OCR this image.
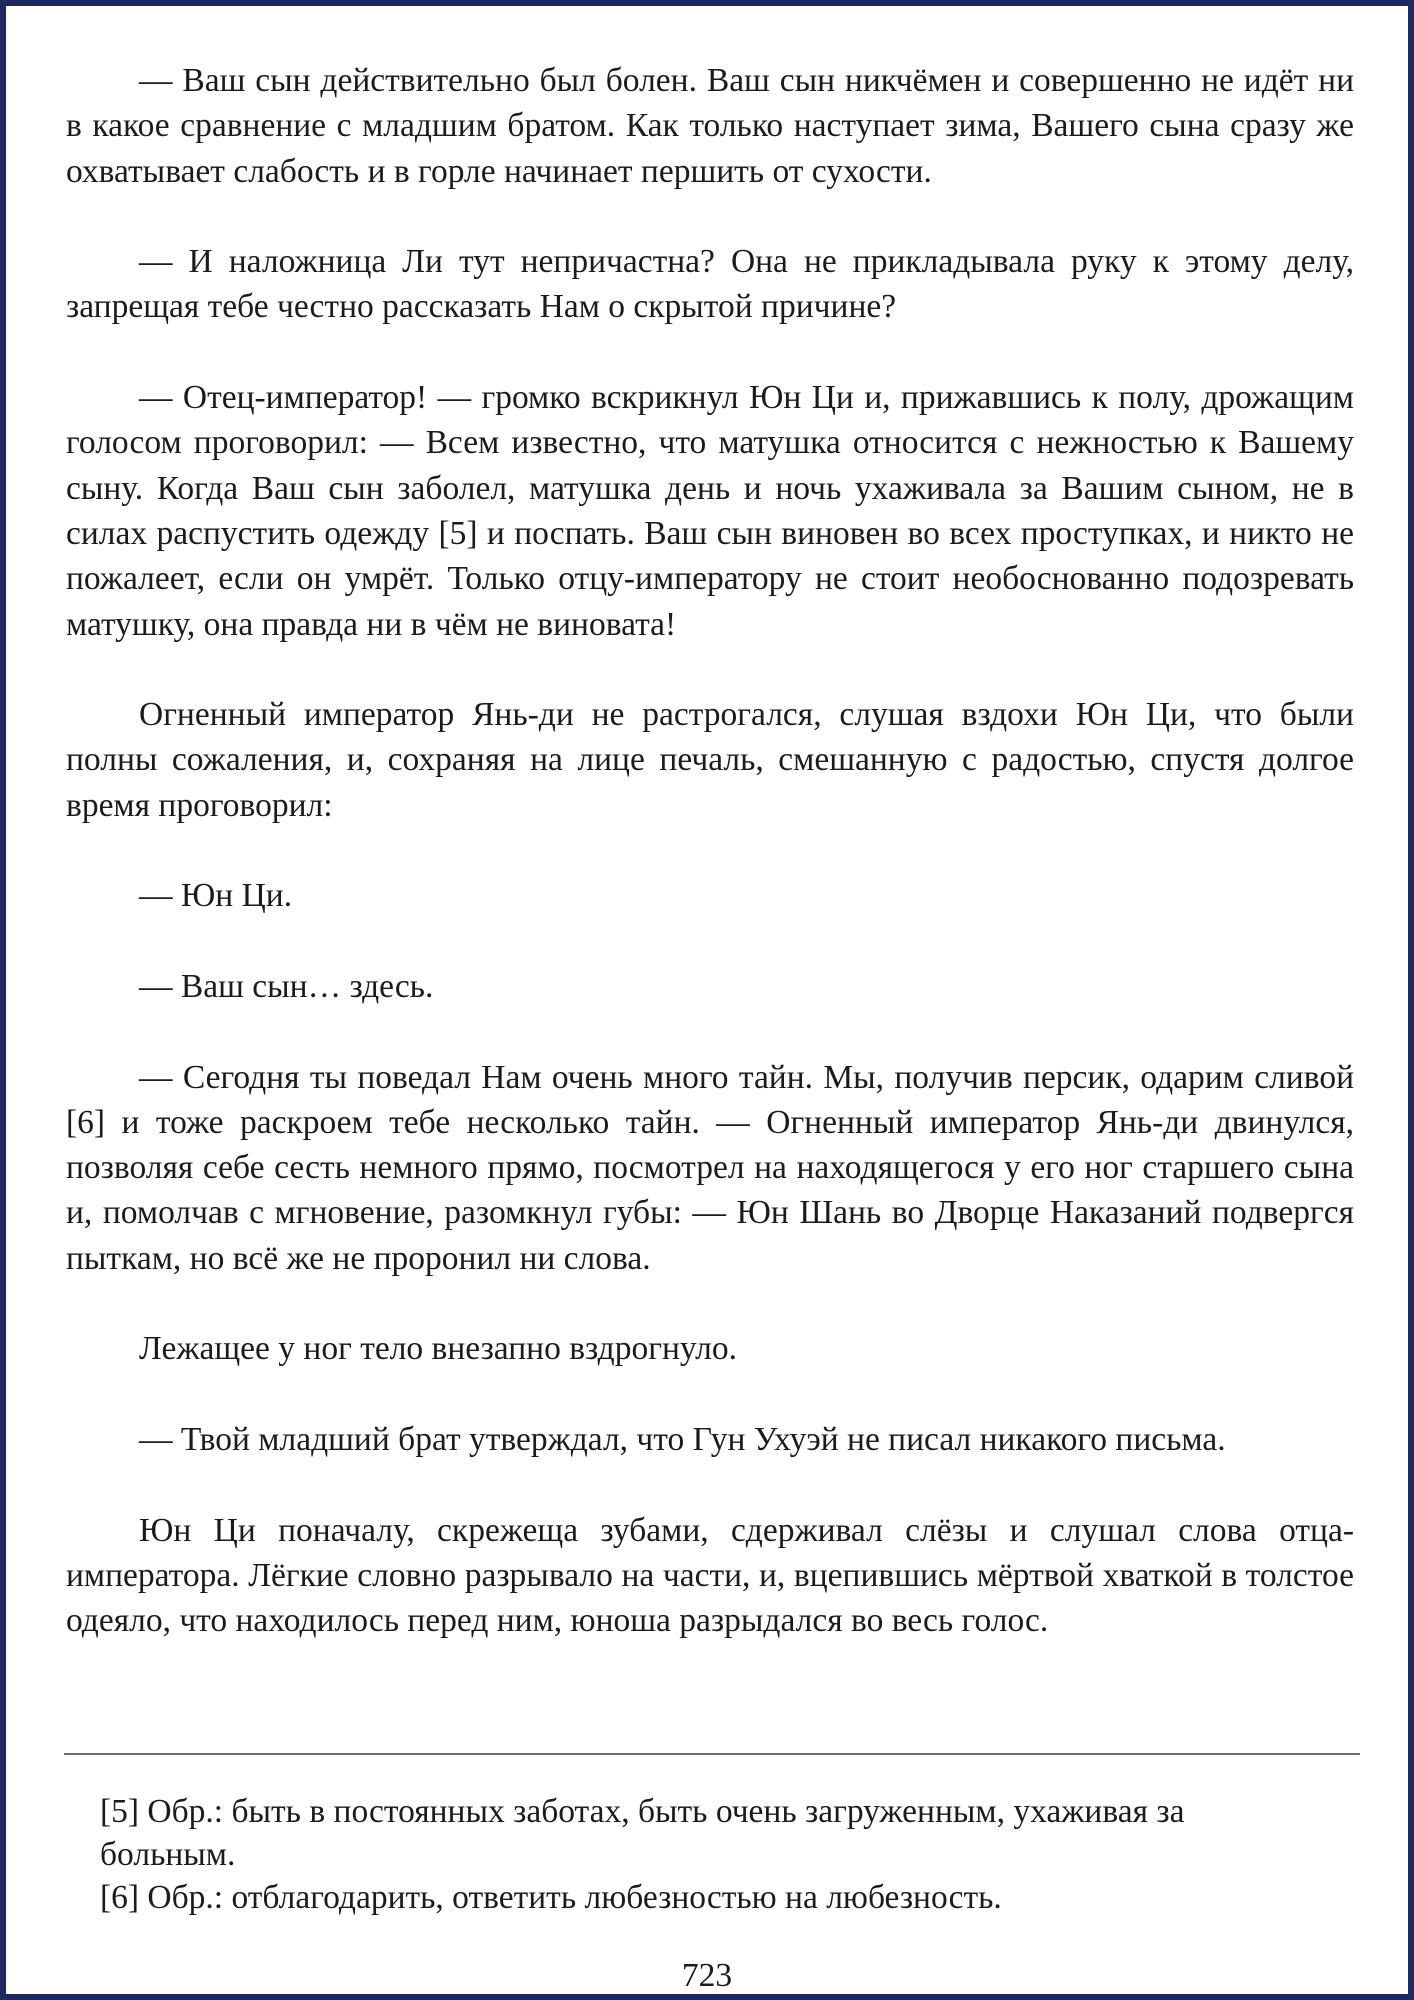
— Ваш сын действительно был болен. Ваш сын никчёмен и совершенно не идёт ни в какое сравнение с младшим братом. Как только наступает зима, Вашего сына сразу же охватывает слабость и в горле начинает першить от сухости.

— И наложница Ли тут непричастна? Она не прикладывала руку к этому делу, запрещая тебе честно рассказать Нам о скрытой причине?

— Отец-император! — громко вскрикнул Юн Ци и, прижавшись к полу, дрожащим голосом проговорил: — Всем известно, что матушка относится с нежностью к Вашему сыну. Когда Ваш сын заболел, матушка день и ночь ухаживала за Вашим сыном, не в силах распустить одежду [5] и поспать. Ваш сын виновен во всех проступках, и никто не пожалеет, если он умрёт. Только отцу-императору не стоит необоснованно подозревать матушку, она правда ни в чём не виновата!

Огненный император Янь-ди не растрогался, слушая вздохи Юн Ци, что были полны сожаления, и, сохраняя на лице печаль, смешанную с радостью, спустя долгое время проговорил:

— Юн Ци.

— Ваш сын… здесь.

— Сегодня ты поведал Нам очень много тайн. Мы, получив персик, одарим сливой [6] и тоже раскроем тебе несколько тайн. — Огненный император Янь-ди двинулся, позволяя себе сесть немного прямо, посмотрел на находящегося у его ног старшего сына и, помолчав с мгновение, разомкнул губы: — Юн Шань во Дворце Наказаний подвергся пыткам, но всё же не проронил ни слова.

Лежащее у ног тело внезапно вздрогнуло.

— Твой младший брат утверждал, что Гун Ухуэй не писал никакого письма.

Юн Ци поначалу, скрежеща зубами, сдерживал слёзы и слушал слова отца-императора. Лёгкие словно разрывало на части, и, вцепившись мёртвой хваткой в толстое одеяло, что находилось перед ним, юноша разрыдался во весь голос.

[5] Обр.: быть в постоянных заботах, быть очень загруженным, ухаживая за больным.

[6] Обр.: отблагодарить, ответить любезностью на любезность.

723
